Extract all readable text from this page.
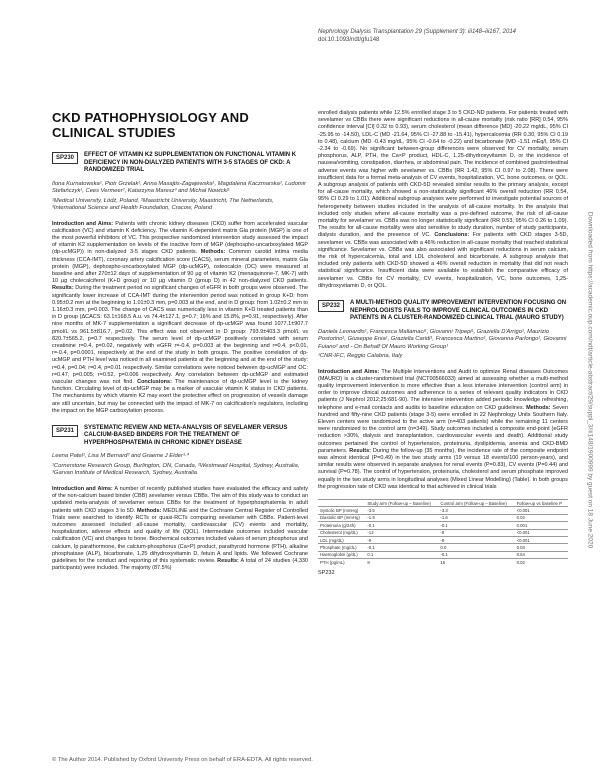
Nephrology Dialysis Transplantation 29 (Supplement 3): iii148–iii167, 2014
doi:10.1093/ndt/gfu148
Downloaded from https://academic.oup.com/ndt/article-abstract/29/suppl_3/iii148/1900999 by guest on 18 June 2020
CKD PATHOPHYSIOLOGY AND CLINICAL STUDIES
SP230	EFFECT OF VITAMIN K2 SUPPLEMENTATION ON FUNCTIONAL VITAMIN K DEFICIENCY IN NON-DIALYZED PATIENTS WITH 3-5 STAGES OF CKD: A RANDOMIZED TRIAL
Ilona Kurnatowska¹, Piotr Grzelak¹, Anna Masajtis-Zagajewska¹, Magdalena Kaczmarska¹, Ludomir Stefańczyk¹, Cees Vermeer², Katarzyna Maresz³ and Michał Nowicki¹
¹Medical University, Łódź, Poland, ²Maastricht University, Maastricht, The Netherlands, ³International Science and Health Foundation, Cracow, Poland
Introduction and Aims: Patients with chronic kidney diseases (CKD) suffer from accelerated vascular calcification (VC) and vitamin K deficiency. The vitamin K-dependent matrix Gla protein (MGP) is one of the most powerful inhibitors of VC. This prospective randomized intervention study assessed the impact of vitamin K2 supplementation on levels of the inactive form of MGP (dephospho-uncarboxylated MGP (dp-ucMGP)) in non-dialyzed 3-5 stages CKD patients. Methods: Common carotid intima media thickness (CCA-IMT), coronary artery calcification score (CACS), serum mineral parameters, matrix Gla protein (MGP), dephospho-uncarboxylated MGP (dp-ucMGP), osteocalcin (OC) were measured at baseline and after 270±12 days of supplementation of 90 µg of vitamin K2 (menaquinone-7, MK-7) with 10 µg cholecalciferol (K+D group) or 10 µg vitamin D (group D) in 42 non-dialyzed CKD patients. Results: During the treatment period no significant changes of eGFR in both groups were observed. The significantly lower increase of CCA-IMT during the intervention period was noticed in group K+D: from 0.95±0.2 mm at the beginning to 1.01±0.3 mm, p=0.003 at the end, and in D group: from 1.02±0.2 mm to 1.16±0.3 mm, p=0.003. The change of CACS was numerically less in vitamin K+D treated patients than in D group (ΔCACS: 63.1±168.5 A.u. vs 74.4±127.1, p=0.7; 16% and 15.8%, p=0.91, respectively). After nine months of MK-7 supplementation a significant decrease of dp-ucMGP was found 1077.1±907.7 pmol/L vs 961.5±816.7, p=0.02. This effect was not observed in D group: 793.9±403.3 pmol/L vs 820.7±565.2, p=0.7 respectively. The serum level of dp-ucMGP positively correlated with serum creatinine r=0.4, p=0.02, negatively with eGFR r=-0.4, p=0.003 at the beginning and r=0.4, p<0.01, r=-0.4, p=0.0001, respectively at the end of the study in both groups. The positive correlation of dp-ucMGP and PTH level was noticed in all examined patients at the beginning and at the end of the study: r=0.4, p=0.04; r=0.4, p=0.01 respectively. Similar correlations were noticed between dp-ucMGP and OC: r=0.47, p=0.005; r=0.52, p=0.006 respectively. Any correlation between dp-ucMGP and estimated vascular changes was not find. Conclusions: The maintenance of dp-ucMGP level is the kidney function. Circulating level of dp-ucMGP may be a marker of vascular vitamin K status in CKD patients. The mechanisms by which vitamin K2 may exert the protective effect on progression of vessels damage are still uncertain, but may be connected with the impact of MK-7 on calcification's regulators, including the impact on the MGP carboxylation process.
SP231	SYSTEMATIC REVIEW AND META-ANALYSIS OF SEVELAMER VERSUS CALCIUM-BASED BINDERS FOR THE TREATMENT OF HYPERPHOSPHATEMIA IN CHRONIC KIDNEY DISEASE
Leena Patel¹, Lisa M Bernard² and Graeme J Elder³·⁴
¹Cornerstone Research Group, Burlington, ON, Canada, ²Westmead Hospital, Sydney, Australia, ³Garvan Institute of Medical Research, Sydney, Australia
Introduction and Aims: A number of recently published studies have evaluated the efficacy and safety of the non-calcium based binder (CBB) sevelamer versus CBBs. The aim of this study was to conduct an updated meta-analysis of sevelamer versus CBBs for the treatment of hyperphosphatemia in adult patients with CKD stages 3 to 5D. Methods: MEDLINE and the Cochrane Central Register of Controlled Trials were searched to identify RCTs or quasi-RCTs comparing sevelamer with CBBs. Patient-level outcomes assessed included all-cause mortality, cardiovascular (CV) events and mortality, hospitalization, adverse effects and quality of life (QOL). Intermediate outcomes included vascular calcification (VC) and changes to bone. Biochemical outcomes included values of serum phosphorus and calcium, Ip parathormone, the calcium-phosphorus (Ca×P) product, parathyroid hormone (PTH), alkaline phosphatase (ALP), bicarbonate, 1,25 dihydroxyvitamin D, fetuin A and lipids. We followed Cochrane guidelines for the conduct and reporting of this systematic review. Results: A total of 24 studies (4,330 participants) were included. The majority (87.5%)
enrolled dialysis patients while 12.5% enrolled stage 3 to 5 CKD-ND patients. For patients treated with sevelamer vs CBBs there were significant reductions in all-cause mortality (risk ratio [RR] 0.54, 95% confidence interval [CI] 0.32 to 0.93), serum cholesterol (mean difference [MD] -20.22 mg/dL, 95% CI -25.95 to -14.50), LDL-C (MD -21.64, 95% CI -27.88 to -15.41), hypercalcemia (RR 0.30, 95% CI 0.19 to 0.48), calcium (MD -0.43 mg/dL, 95% CI -0.64 to -0.22) and bicarbonate (MD -1.51 mEq/l, 95% CI -2.34 to -0.69). No significant between-group differences were observed for CV mortality, serum phosphorus, ALP, PTH, the Ca×P product, HDL-C, 1,25-dihydroxyvitamin D, or the incidence of nausea/vomiting, constipation, diarrhea, or abdominal pain. The incidence of combined gastrointestinal adverse events was higher with sevelamer vs. CBBs (RR 1.42, 95% CI 0.97 to 2.08). There were insufficient data for a formal meta-analysis of CV events, hospitalization, VC, bone outcomes, or QOL. A subgroup analysis of patients with CKD-5D revealed similar results to the primary analysis, except for all-cause mortality, which showed a non-statistically significant 46% overall reduction (RR 0.54, 95% CI 0.29 to 1.01). Additional subgroup analyses were performed to investigate potential sources of heterogeneity between studies included in the analysis of all-cause mortality. In the analysis that included only studies where all-cause mortality was a pre-defined outcome, the risk of all-cause mortality for sevelamer vs. CBBs was no longer statistically significant (RR 0.53, 95% CI 0.26 to 1.09). The results for all-cause mortality were also sensitive to study duration, number of study participants, dialysis duration, and the presence of VC. Conclusions: For patients with CKD stages 3-5D, sevelamer vs. CBBs was associated with a 46% reduction in all-cause mortality that reached statistical significance. Sevelamer vs. CBBs was also associated with significant reductions in serum calcium, the risk of hypercalcemia, total and LDL cholesterol and bicarbonate. A subgroup analysis that included only patients with CKD-5D showed a 46% overall reduction in mortality that did not reach statistical significance. Insufficient data were available to establish the comparative efficacy of sevelamer vs. CBBs for CV mortality, CV events, hospitalization, VC, bone outcomes, 1,25-dihydroxyvitamin D, or QOL.
SP232	A MULTI-METHOD QUALITY IMPROVEMENT INTERVENTION FOCUSING ON NEPHROLOGISTS FAILS TO IMPROVE CLINICAL OUTCOMES IN CKD PATIENTS IN A CLUSTER-RANDOMIZED CLINICAL TRIAL (MAURO STUDY)
Daniela Leonardis¹, Francesca Mallamaci¹, Giovanni Tripepi¹, Graziella D'Arrigo¹, Maurizio Postorino¹, Giuseppe Enia¹, Graziella Caridi¹, Francesca Martino¹, Giovanna Parlongo¹, Giovanni Fuiano² and - On Behalf Of Mauro Working Group¹
¹CNR-IFC, Reggio Calabria, Italy
Introduction and Aims: The Multiple interventions and Audit to optimize Renal diseases Outcomes (MAURO) is a cluster-randomised trial (NCT00566033) aimed at assessing whether a multi-method quality improvement intervention is more effective than a less intensive intervention (control arm) in order to improve clinical outcomes and adherence to a series of relevant quality indicators in CKD patients (J Nephrol 2012;25:681-90). The intensive intervention added periodic knowledge refreshing, telephone and e-mail contacts and audits to baseline education on CKD guidelines. Methods: Seven hundred and fifty-nine CKD patients (stage 3-5) were enrolled in 22 Nephrology Units Southern Italy. Eleven centers were randomized to the active arm (n=403 patients) while the remaining 11 centers were randomized to the control arm (n=349). Study outcomes included a composite end-point (eGFR reduction >30%, dialysis and transplantation, cardiovascular events and death). Additional study outcomes pertained the control of hypertension, proteinuria, dyslipidemia, anemia and CKD-BMD parameters. Results: During the follow-up (35 months), the incidence rate of the composite endpoint was almost identical (P=0.49) in the two study arms (19 versus 18 events/100 person-years), and similar results were observed in separate analyses for renal events (P=0.83), CV events (P=0.44) and survival (P=0.78). The control of hypertension, proteinuria, cholesterol and serum phosphate improved equally in the two study arms in longitudinal analyses (Mixed Linear Modelling) (Table). In both groups the progression rate of CKD was identical to that achieved in clinical trials
	Study arm (Follow-up – Baseline)	Control arm (Follow-up – Baseline)	Follow-up vs baseline P
Systolic BP (mmHg)	-3.5	-3.3	<0.001
Diastolic BP (mmHg)	-1.9	-1.6	0.02
Proteinuria (g/24h)	-0.1	-0.1	0.001
Cholesterol (mg/dL)	-12	-9	<0.001
LDL (mg/dL)	-9	-8	<0.001
Phosphate (mg/dL)	-0.1	0.0	0.03
Haemoglobin (g/dL)	0.1	-0.1	0.64
PTH (pg/mL)	8	15	0.02
SP232
© The Author 2014. Published by Oxford University Press on behalf of ERA-EDTA. All rights reserved.
